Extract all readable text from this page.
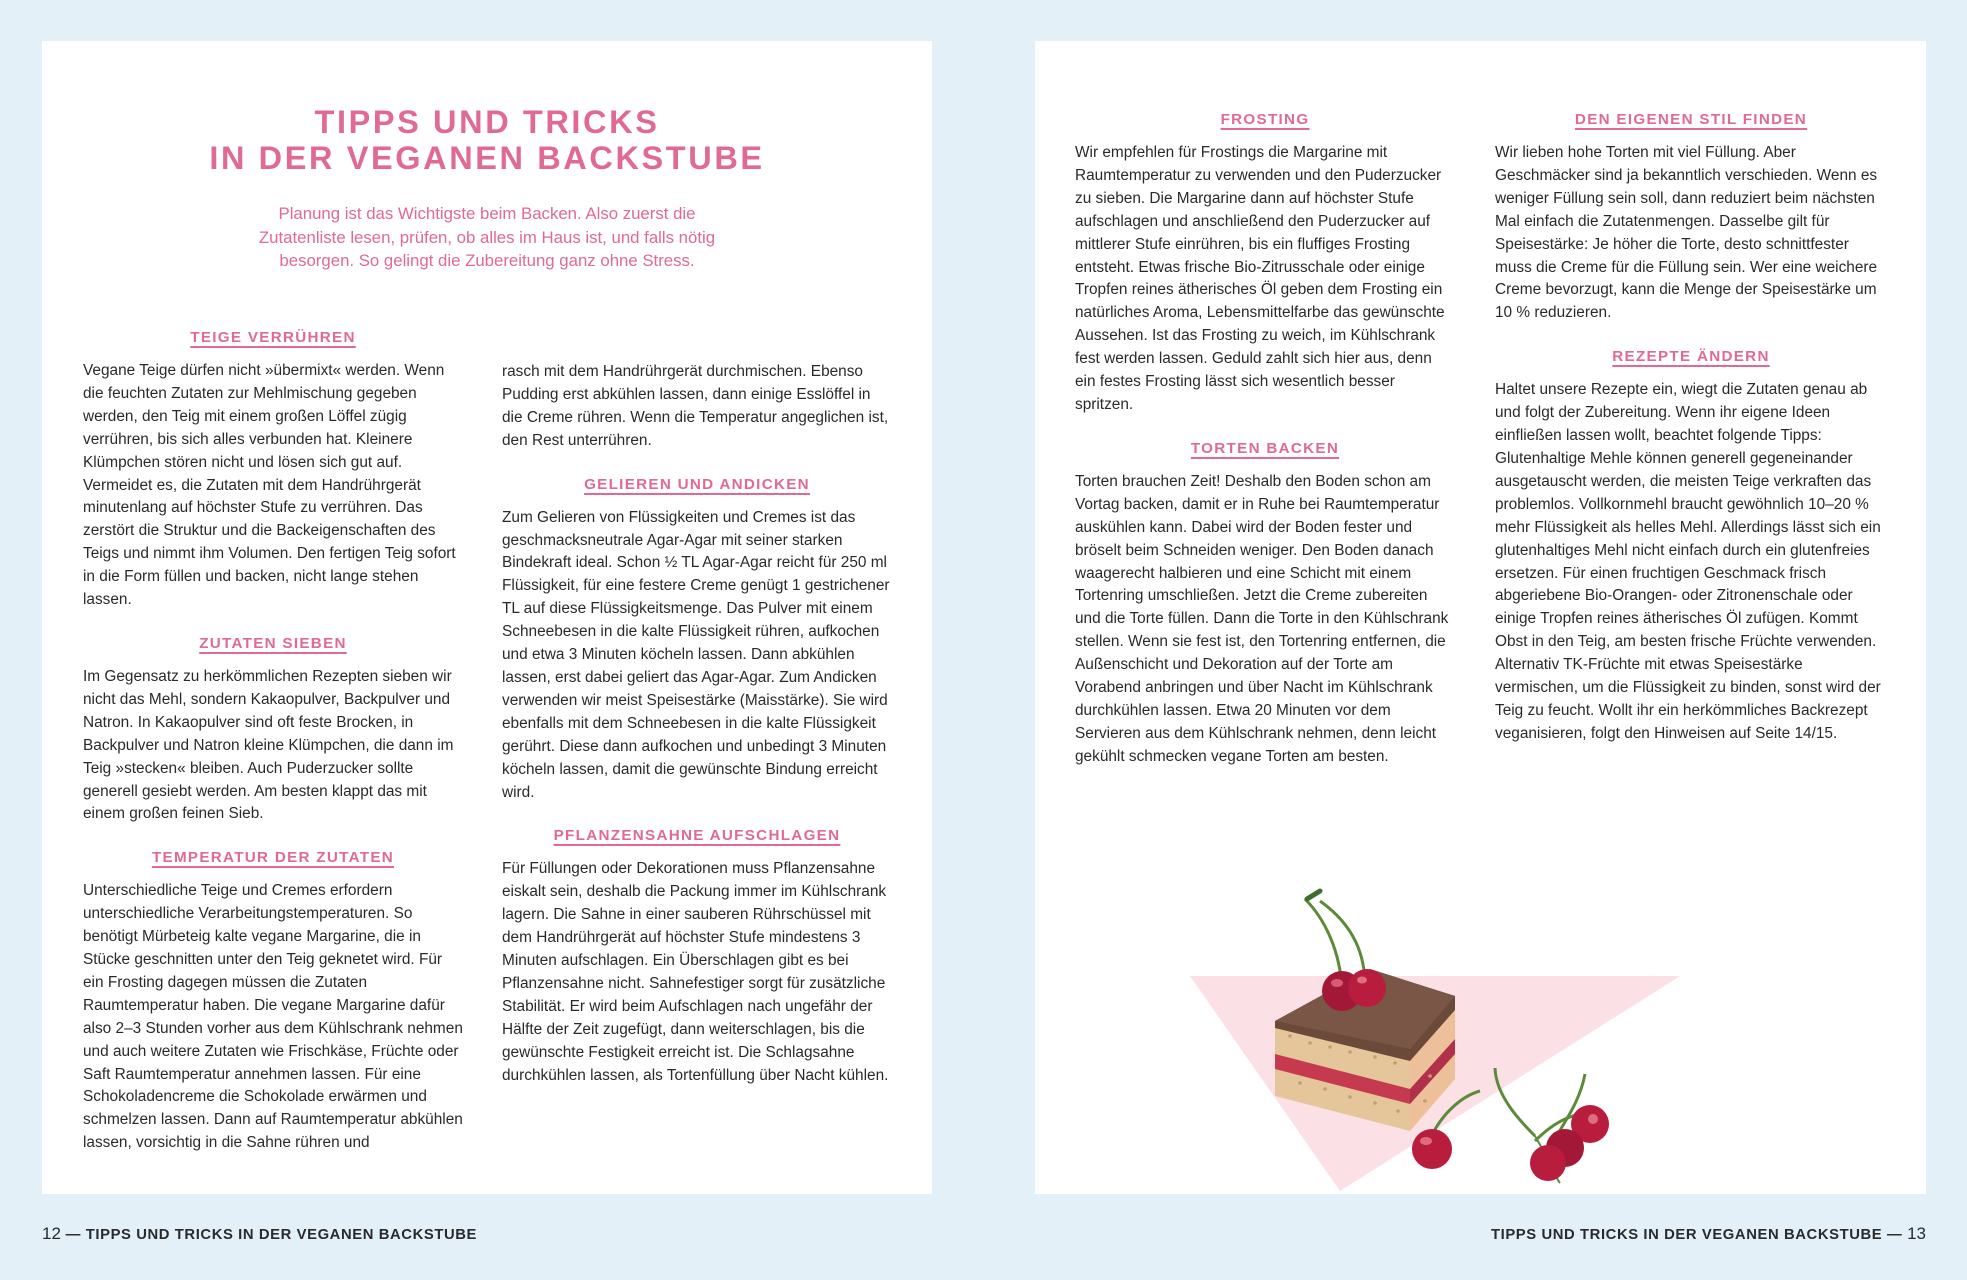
TIPPS UND TRICKS
IN DER VEGANEN BACKSTUBE

Planung ist das Wichtigste beim Backen. Also zuerst die Zutatenliste lesen, prüfen, ob alles im Haus ist, und falls nötig besorgen. So gelingt die Zubereitung ganz ohne Stress.

TEIGE VERRÜHREN

Vegane Teige dürfen nicht »übermixt« werden. Wenn die feuchten Zutaten zur Mehlmischung gegeben werden, den Teig mit einem großen Löffel zügig verrühren, bis sich alles verbunden hat. Kleinere Klümpchen stören nicht und lösen sich gut auf. Vermeidet es, die Zutaten mit dem Handrührgerät minutenlang auf höchster Stufe zu verrühren. Das zerstört die Struktur und die Backeigenschaften des Teigs und nimmt ihm Volumen. Den fertigen Teig sofort in die Form füllen und backen, nicht lange stehen lassen.

ZUTATEN SIEBEN

Im Gegensatz zu herkömmlichen Rezepten sieben wir nicht das Mehl, sondern Kakaopulver, Backpulver und Natron. In Kakaopulver sind oft feste Brocken, in Backpulver und Natron kleine Klümpchen, die dann im Teig »stecken« bleiben. Auch Puderzucker sollte generell gesiebt werden. Am besten klappt das mit einem großen feinen Sieb.

TEMPERATUR DER ZUTATEN

Unterschiedliche Teige und Cremes erfordern unterschiedliche Verarbeitungstemperaturen. So benötigt Mürbeteig kalte vegane Margarine, die in Stücke geschnitten unter den Teig geknetet wird. Für ein Frosting dagegen müssen die Zutaten Raumtemperatur haben. Die vegane Margarine dafür also 2–3 Stunden vorher aus dem Kühlschrank nehmen und auch weitere Zutaten wie Frischkäse, Früchte oder Saft Raumtemperatur annehmen lassen. Für eine Schokoladencreme die Schokolade erwärmen und schmelzen lassen. Dann auf Raumtemperatur abkühlen lassen, vorsichtig in die Sahne rühren und

rasch mit dem Handrührgerät durchmischen. Ebenso Pudding erst abkühlen lassen, dann einige Esslöffel in die Creme rühren. Wenn die Temperatur angeglichen ist, den Rest unterrühren.

GELIEREN UND ANDICKEN

Zum Gelieren von Flüssigkeiten und Cremes ist das geschmacksneutrale Agar-Agar mit seiner starken Bindekraft ideal. Schon ½ TL Agar-Agar reicht für 250 ml Flüssigkeit, für eine festere Creme genügt 1 gestrichener TL auf diese Flüssigkeitsmenge. Das Pulver mit einem Schneebesen in die kalte Flüssigkeit rühren, aufkochen und etwa 3 Minuten köcheln lassen. Dann abkühlen lassen, erst dabei geliert das Agar-Agar. Zum Andicken verwenden wir meist Speisestärke (Maisstärke). Sie wird ebenfalls mit dem Schneebesen in die kalte Flüssigkeit gerührt. Diese dann aufkochen und unbedingt 3 Minuten köcheln lassen, damit die gewünschte Bindung erreicht wird.

PFLANZENSAHNE AUFSCHLAGEN

Für Füllungen oder Dekorationen muss Pflanzensahne eiskalt sein, deshalb die Packung immer im Kühlschrank lagern. Die Sahne in einer sauberen Rührschüssel mit dem Handrührgerät auf höchster Stufe mindestens 3 Minuten aufschlagen. Ein Überschlagen gibt es bei Pflanzensahne nicht. Sahnefestiger sorgt für zusätzliche Stabilität. Er wird beim Aufschlagen nach ungefähr der Hälfte der Zeit zugefügt, dann weiterschlagen, bis die gewünschte Festigkeit erreicht ist. Die Schlagsahne durchkühlen lassen, als Tortenfüllung über Nacht kühlen.

FROSTING

Wir empfehlen für Frostings die Margarine mit Raumtemperatur zu verwenden und den Puderzucker zu sieben. Die Margarine dann auf höchster Stufe aufschlagen und anschließend den Puderzucker auf mittlerer Stufe einrühren, bis ein fluffiges Frosting entsteht. Etwas frische Bio-Zitrusschale oder einige Tropfen reines ätherisches Öl geben dem Frosting ein natürliches Aroma, Lebensmittelfarbe das gewünschte Aussehen. Ist das Frosting zu weich, im Kühlschrank fest werden lassen. Geduld zahlt sich hier aus, denn ein festes Frosting lässt sich wesentlich besser spritzen.

TORTEN BACKEN

Torten brauchen Zeit! Deshalb den Boden schon am Vortag backen, damit er in Ruhe bei Raumtemperatur auskühlen kann. Dabei wird der Boden fester und bröselt beim Schneiden weniger. Den Boden danach waagerecht halbieren und eine Schicht mit einem Tortenring umschließen. Jetzt die Creme zubereiten und die Torte füllen. Dann die Torte in den Kühlschrank stellen. Wenn sie fest ist, den Tortenring entfernen, die Außenschicht und Dekoration auf der Torte am Vorabend anbringen und über Nacht im Kühlschrank durchkühlen lassen. Etwa 20 Minuten vor dem Servieren aus dem Kühlschrank nehmen, denn leicht gekühlt schmecken vegane Torten am besten.

DEN EIGENEN STIL FINDEN

Wir lieben hohe Torten mit viel Füllung. Aber Geschmäcker sind ja bekanntlich verschieden. Wenn es weniger Füllung sein soll, dann reduziert beim nächsten Mal einfach die Zutatenmengen. Dasselbe gilt für Speisestärke: Je höher die Torte, desto schnittfester muss die Creme für die Füllung sein. Wer eine weichere Creme bevorzugt, kann die Menge der Speisestärke um 10 % reduzieren.

REZEPTE ÄNDERN

Haltet unsere Rezepte ein, wiegt die Zutaten genau ab und folgt der Zubereitung. Wenn ihr eigene Ideen einfließen lassen wollt, beachtet folgende Tipps: Glutenhaltige Mehle können generell gegeneinander ausgetauscht werden, die meisten Teige verkraften das problemlos. Vollkornmehl braucht gewöhnlich 10–20 % mehr Flüssigkeit als helles Mehl. Allerdings lässt sich ein glutenhaltiges Mehl nicht einfach durch ein glutenfreies ersetzen. Für einen fruchtigen Geschmack frisch abgeriebene Bio-Orangen- oder Zitronenschale oder einige Tropfen reines ätherisches Öl zufügen. Kommt Obst in den Teig, am besten frische Früchte verwenden. Alternativ TK-Früchte mit etwas Speisestärke vermischen, um die Flüssigkeit zu binden, sonst wird der Teig zu feucht. Wollt ihr ein herkömmliches Backrezept veganisieren, folgt den Hinweisen auf Seite 14/15.

12 — TIPPS UND TRICKS IN DER VEGANEN BACKSTUBE	TIPPS UND TRICKS IN DER VEGANEN BACKSTUBE — 13
